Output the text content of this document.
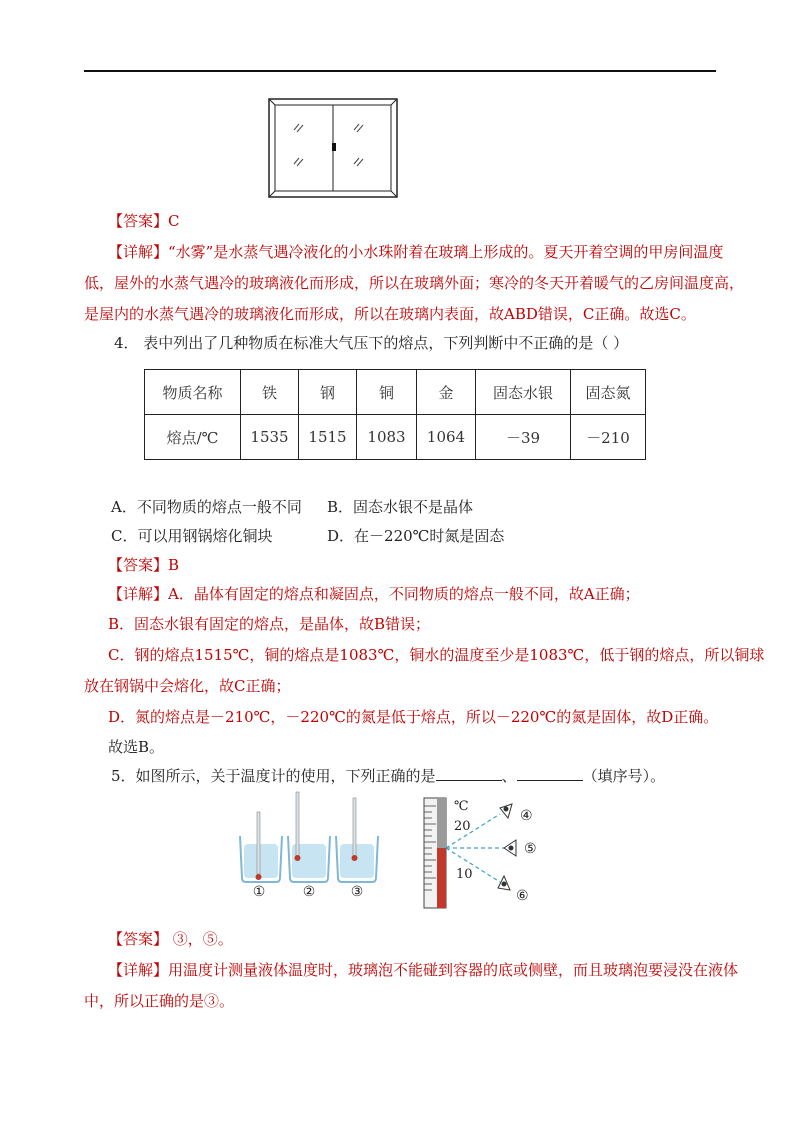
【答案】C
【详解】“水雾”是水蒸气遇冷液化的小水珠附着在玻璃上形成的。夏天开着空调的甲房间温度
低，屋外的水蒸气遇冷的玻璃液化而形成，所以在玻璃外面；寒冷的冬天开着暖气的乙房间温度高，
是屋内的水蒸气遇冷的玻璃液化而形成，所以在玻璃内表面，故ABD错误，C正确。故选C。
4． 表中列出了几种物质在标准大气压下的熔点，下列判断中不正确的是（ ）
物质名称	铁	钢	铜	金	固态水银	固态氮
熔点/℃	1535	1515	1083	1064	－39	－210
A．不同物质的熔点一般不同	B．固态水银不是晶体
C．可以用钢锅熔化铜块	D．在－220℃时氮是固态
【答案】B
【详解】A．晶体有固定的熔点和凝固点，不同物质的熔点一般不同，故A正确；
B．固态水银有固定的熔点，是晶体，故B错误；
C．钢的熔点1515℃，铜的熔点是1083℃，铜水的温度至少是1083℃，低于钢的熔点，所以铜球
放在钢锅中会熔化，故C正确；
D．氮的熔点是－210℃，－220℃的氮是低于熔点，所以－220℃的氮是固体，故D正确。
故选B。
5．如图所示，关于温度计的使用，下列正确的是	、	（填序号）。
①	②	③
℃
20
10
④
⑤
⑥
【答案】 ③，⑤。
【详解】用温度计测量液体温度时，玻璃泡不能碰到容器的底或侧壁，而且玻璃泡要浸没在液体
中，所以正确的是③。
